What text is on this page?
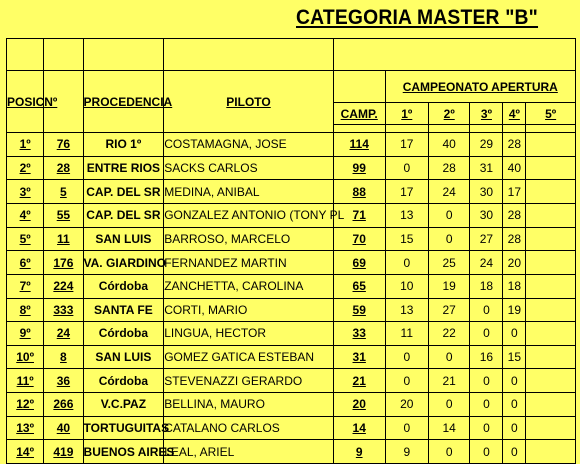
CATEGORIA MASTER "B"

POSIC	Nº	PROCEDENCIA	PILOTO		CAMPEONATO APERTURA				
				CAMP.	1º	2º	3º	4º	5º

1º	76	RIO 1º	COSTAMAGNA, JOSE	114	17	40	29	28	
2º	28	ENTRE RIOS	SACKS CARLOS	99	0	28	31	40	
3º	5	CAP. DEL SR	MEDINA, ANIBAL	88	17	24	30	17	
4º	55	CAP. DEL SR	GONZALEZ ANTONIO (TONY PL	71	13	0	30	28	
5º	11	SAN LUIS	BARROSO, MARCELO	70	15	0	27	28	
6º	176	VA. GIARDINO	FERNANDEZ MARTIN	69	0	25	24	20	
7º	224	Córdoba	ZANCHETTA, CAROLINA	65	10	19	18	18	
8º	333	SANTA FE	CORTI, MARIO	59	13	27	0	19	
9º	24	Córdoba	LINGUA, HECTOR	33	11	22	0	0	
10º	8	SAN LUIS	GOMEZ GATICA ESTEBAN	31	0	0	16	15	
11º	36	Córdoba	STEVENAZZI GERARDO	21	0	21	0	0	
12º	266	V.C.PAZ	BELLINA, MAURO	20	20	0	0	0	
13º	40	TORTUGUITAS	CATALANO CARLOS	14	0	14	0	0	
14º	419	BUENOS AIRES	LEAL, ARIEL	9	9	0	0	0	
